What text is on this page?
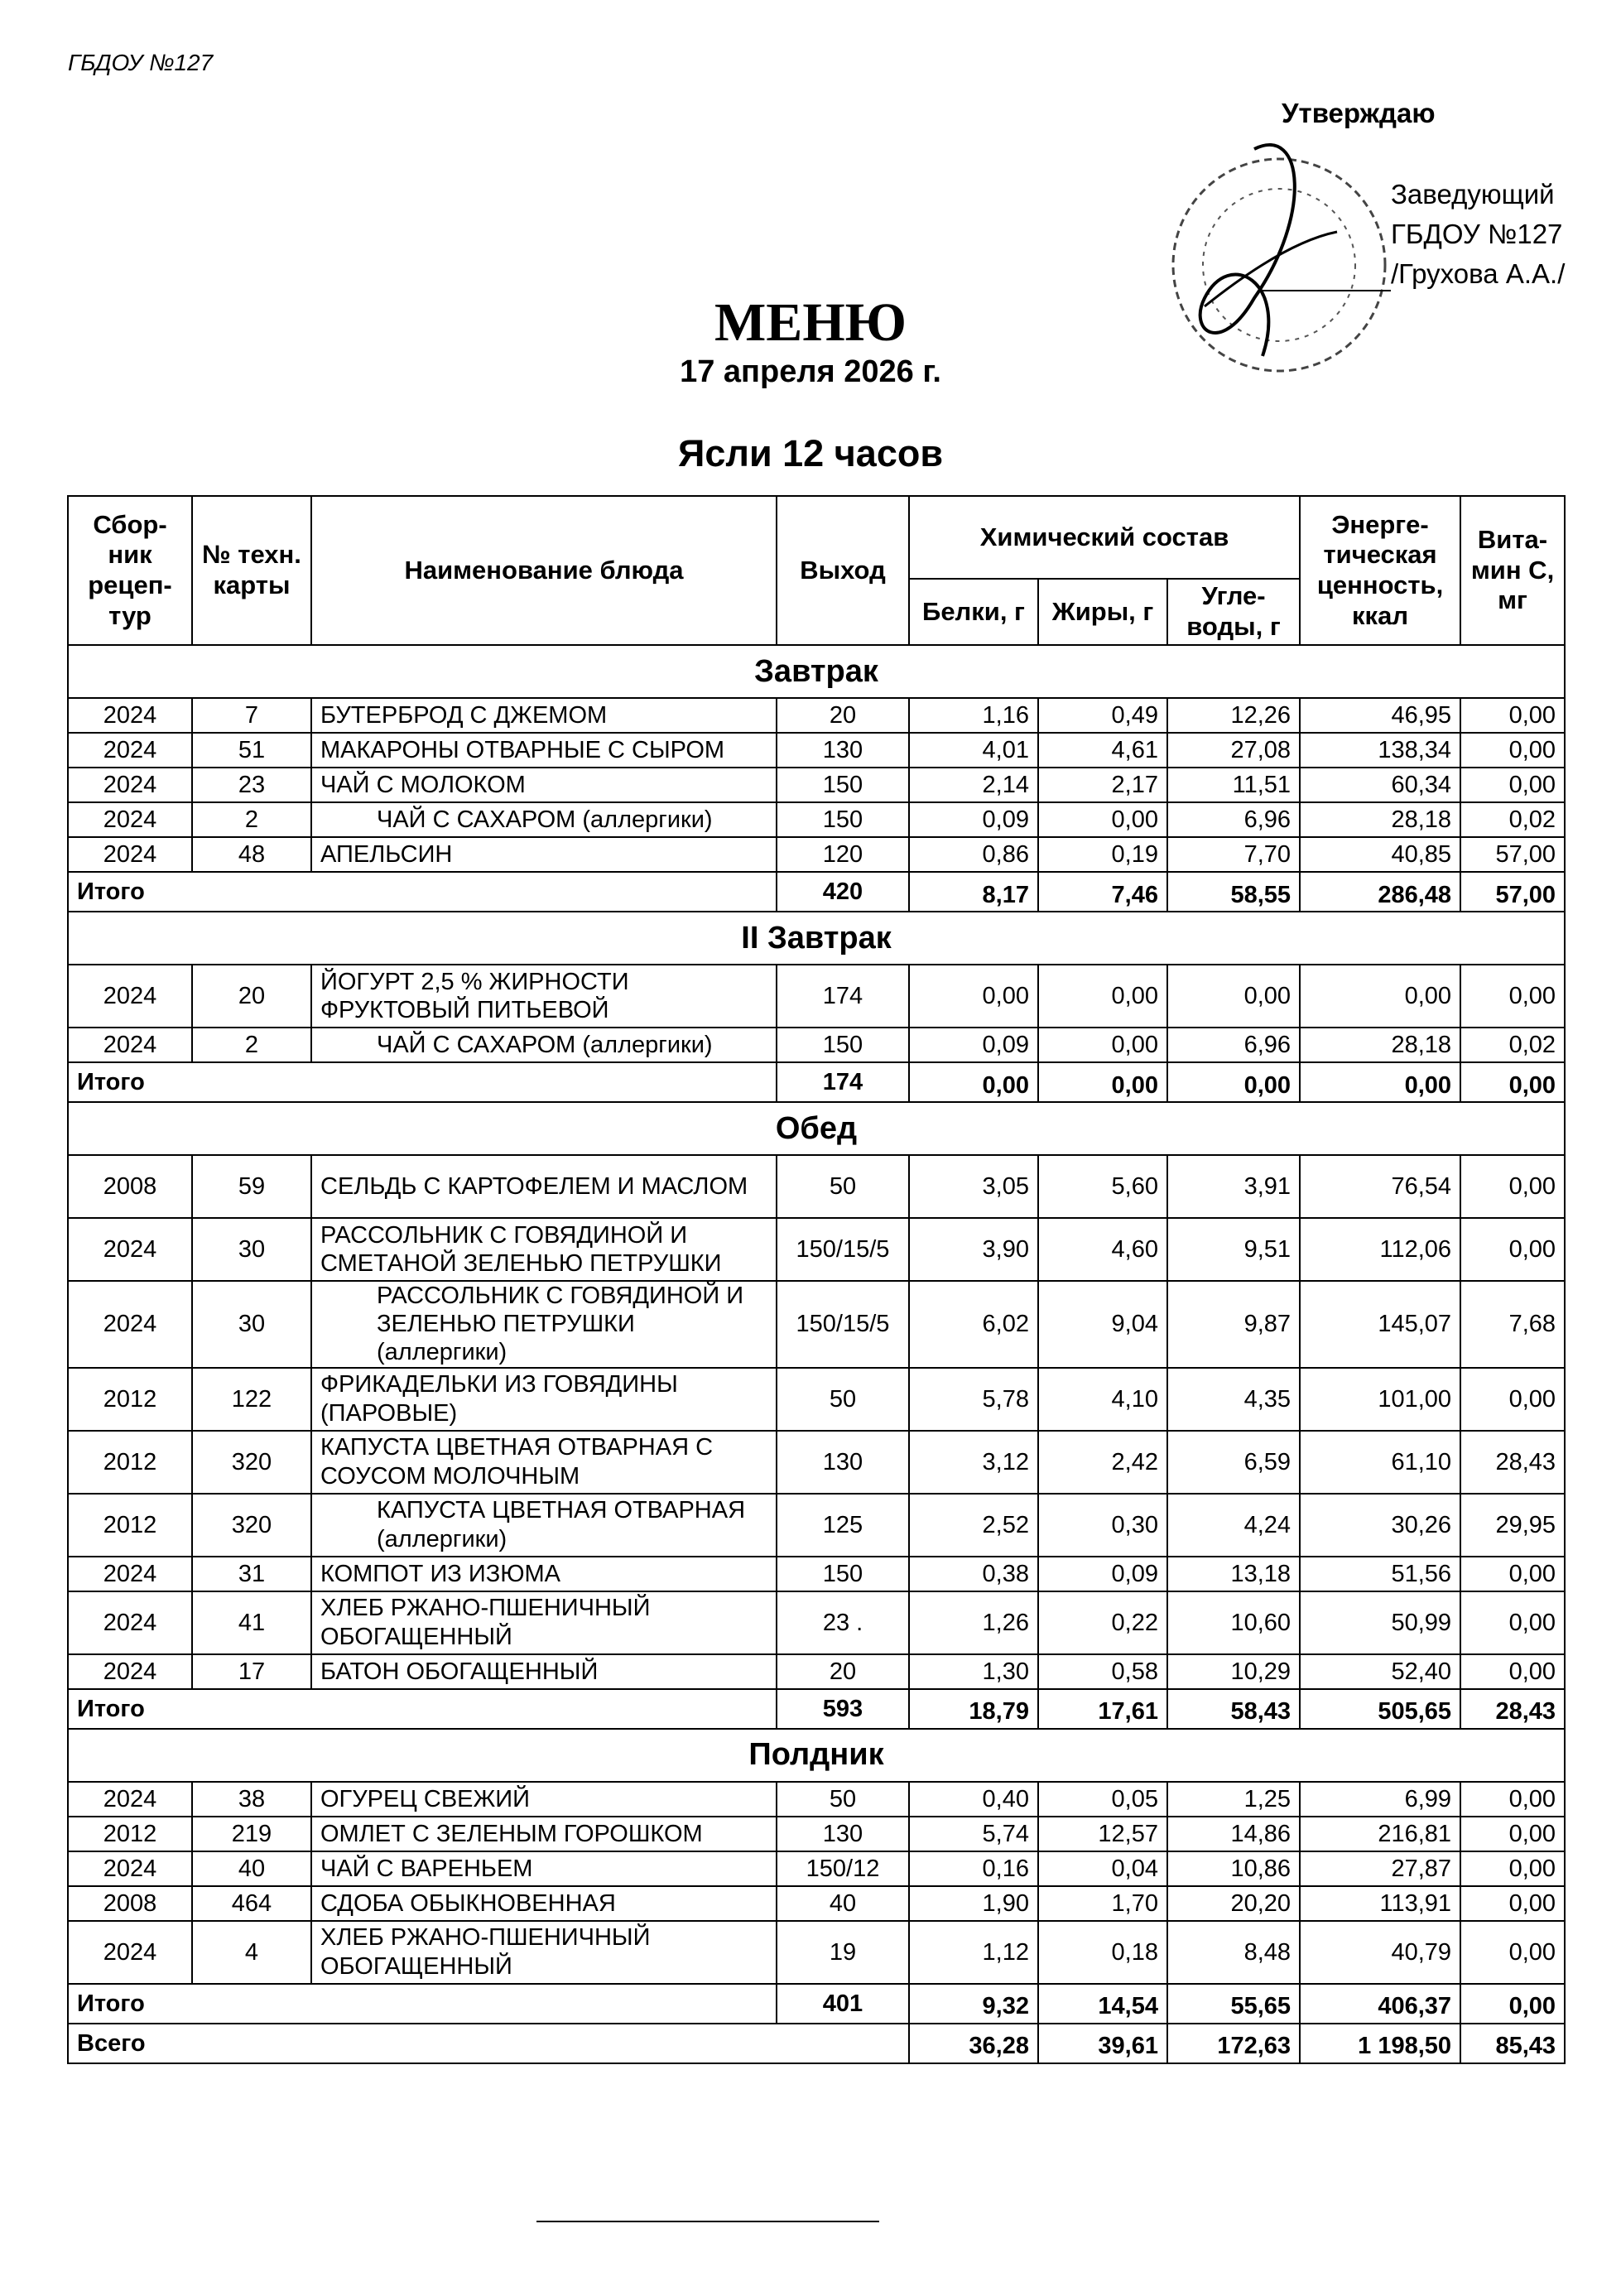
ГБДОУ №127
Утверждаю
Заведующий
ГБДОУ №127
/Грухова А.А./
МЕНЮ
17 апреля 2026 г.
Ясли 12 часов
Сбор-ник рецеп-тур	№ техн. карты	Наименование блюда	Выход	Химический состав			Энерге-тическая ценность, ккал	Вита-мин С, мг
				Белки, г	Жиры, г	Угле-воды, г		
Завтрак								
2024	7	БУТЕРБРОД С ДЖЕМОМ	20	1,16	0,49	12,26	46,95	0,00
2024	51	МАКАРОНЫ ОТВАРНЫЕ С СЫРОМ	130	4,01	4,61	27,08	138,34	0,00
2024	23	ЧАЙ С МОЛОКОМ	150	2,14	2,17	11,51	60,34	0,00
2024	2	ЧАЙ С САХАРОМ (аллергики)	150	0,09	0,00	6,96	28,18	0,02
2024	48	АПЕЛЬСИН	120	0,86	0,19	7,70	40,85	57,00
Итого			420	8,17	7,46	58,55	286,48	57,00
II Завтрак								
2024	20	ЙОГУРТ 2,5 % ЖИРНОСТИ ФРУКТОВЫЙ ПИТЬЕВОЙ	174	0,00	0,00	0,00	0,00	0,00
2024	2	ЧАЙ С САХАРОМ (аллергики)	150	0,09	0,00	6,96	28,18	0,02
Итого			174	0,00	0,00	0,00	0,00	0,00
Обед								
2008	59	СЕЛЬДЬ С КАРТОФЕЛЕМ И МАСЛОМ	50	3,05	5,60	3,91	76,54	0,00
2024	30	РАССОЛЬНИК С ГОВЯДИНОЙ И СМЕТАНОЙ ЗЕЛЕНЬЮ ПЕТРУШКИ	150/15/5	3,90	4,60	9,51	112,06	0,00
2024	30	РАССОЛЬНИК С ГОВЯДИНОЙ И ЗЕЛЕНЬЮ ПЕТРУШКИ (аллергики)	150/15/5	6,02	9,04	9,87	145,07	7,68
2012	122	ФРИКАДЕЛЬКИ ИЗ ГОВЯДИНЫ (ПАРОВЫЕ)	50	5,78	4,10	4,35	101,00	0,00
2012	320	КАПУСТА ЦВЕТНАЯ ОТВАРНАЯ С СОУСОМ МОЛОЧНЫМ	130	3,12	2,42	6,59	61,10	28,43
2012	320	КАПУСТА ЦВЕТНАЯ ОТВАРНАЯ (аллергики)	125	2,52	0,30	4,24	30,26	29,95
2024	31	КОМПОТ ИЗ ИЗЮМА	150	0,38	0,09	13,18	51,56	0,00
2024	41	ХЛЕБ РЖАНО-ПШЕНИЧНЫЙ ОБОГАЩЕННЫЙ	23 .	1,26	0,22	10,60	50,99	0,00
2024	17	БАТОН ОБОГАЩЕННЫЙ	20	1,30	0,58	10,29	52,40	0,00
Итого			593	18,79	17,61	58,43	505,65	28,43
Полдник								
2024	38	ОГУРЕЦ СВЕЖИЙ	50	0,40	0,05	1,25	6,99	0,00
2012	219	ОМЛЕТ С ЗЕЛЕНЫМ ГОРОШКОМ	130	5,74	12,57	14,86	216,81	0,00
2024	40	ЧАЙ С ВАРЕНЬЕМ	150/12	0,16	0,04	10,86	27,87	0,00
2008	464	СДОБА ОБЫКНОВЕННАЯ	40	1,90	1,70	20,20	113,91	0,00
2024	4	ХЛЕБ РЖАНО-ПШЕНИЧНЫЙ ОБОГАЩЕННЫЙ	19	1,12	0,18	8,48	40,79	0,00
Итого			401	9,32	14,54	55,65	406,37	0,00
Всего				36,28	39,61	172,63	1 198,50	85,43
